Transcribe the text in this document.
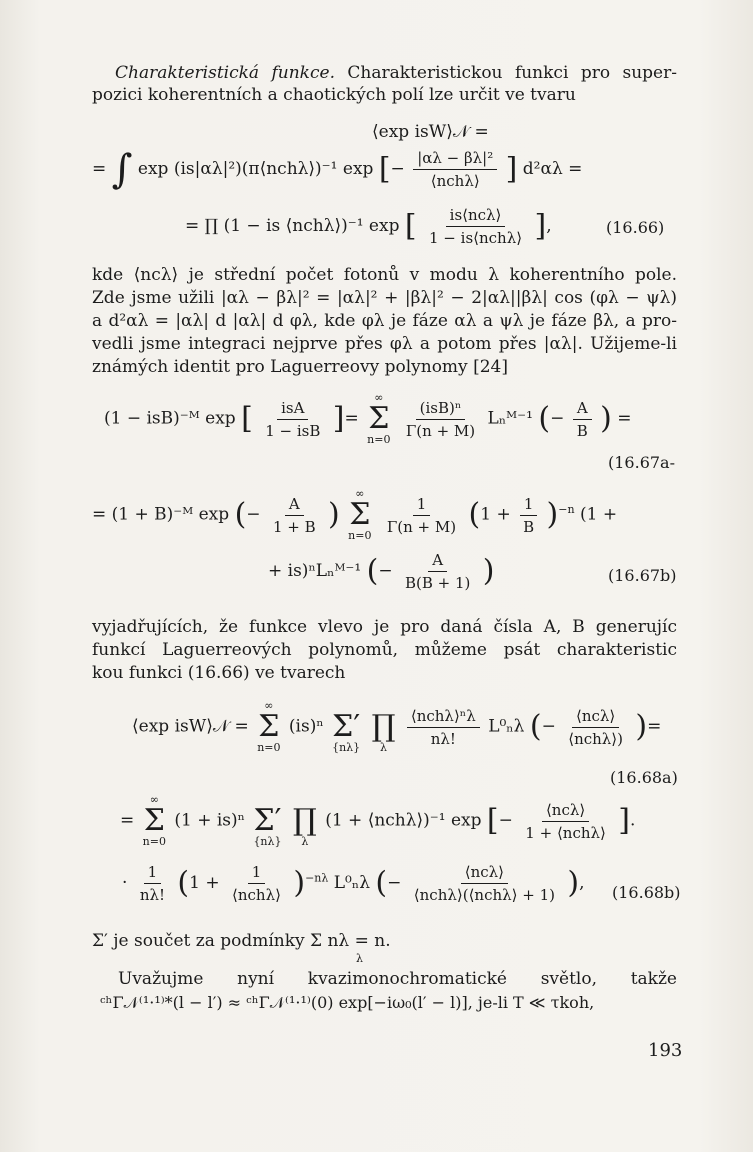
Charakteristická funkce. Charakteristickou funkci pro super-
pozici koherentních a chaotických polí lze určit ve tvaru
⟨exp isW⟩𝒩 =
= ∫ exp (is|αλ|²)(π⟨nchλ⟩)⁻¹ exp [− $\frac{\text{|αλ − βλ|²}}{\text{⟨nchλ⟩}}$ ] d²αλ =
= ∏ (1 − is ⟨nchλ⟩)⁻¹ exp [ $\frac{\text{is⟨ncλ⟩}}{\text{1 − is⟨nchλ⟩}}$ ],	(16.66)
kde ⟨ncλ⟩ je střední počet fotonů v modu λ koherentního pole.
Zde jsme užili |αλ − βλ|² = |αλ|² + |βλ|² − 2|αλ||βλ| cos (φλ − ψλ)
a d²αλ = |αλ| d |αλ| d φλ, kde φλ je fáze αλ a ψλ je fáze βλ, a pro-
vedli jsme integraci nejprve přes φλ a potom přes |αλ|. Užijeme-li
známých identit pro Laguerreovy polynomy [24]
(1 − isB)⁻ᴹ exp [ $\frac{\text{isA}}{\text{1 − isB}}$ ]=
∞
Σ
n=0
$\frac{\text{(isB)ⁿ}}{\Gamma(n + M)}$ Lₙᴹ⁻¹ (− $\frac{A}{B}$ ) =
(16.67a-
= (1 + B)⁻ᴹ exp (− $\frac{A}{1 + B}$ )
∞
Σ
n=0
$\frac{1}{\Gamma(n + M)} (1 + \frac{1}{B} )^{-n}$ (1 +
+ is)ⁿLₙᴹ⁻¹ (− $\frac{A}{B(B + 1)}$ )	(16.67b)
vyjadřujících, že funkce vlevo je pro daná čísla A, B generujíc
funkcí Laguerreových polynomů, můžeme psát charakteristic
kou funkci (16.66) ve tvarech
⟨exp isW⟩𝒩 =
∞
Σ
n=0
(is)ⁿ
Σ′
{nλ}

∏
λ
$\frac{\text{⟨nchλ⟩ⁿλ}}{n\lambda!} L^0_n\lambda$ (− $\frac{\text{⟨ncλ⟩}}{\text{⟨nchλ⟩)}}$ )=
(16.68a)
=
∞
Σ
n=0
(1 + is)ⁿ
Σ′
{nλ}

∏
λ
(1 + ⟨nchλ⟩)⁻¹ exp [− $\frac{\text{⟨ncλ⟩}}{\text{1 + ⟨nchλ⟩}}$ ].
· $\frac{1}{n\lambda!} (1 + \frac{1}{\text{⟨nchλ⟩}} )^{-n\lambda}$ L⁰ₙλ (− $\frac{\text{⟨ncλ⟩}}{\text{⟨nchλ⟩(⟨nchλ⟩ + 1)}}$ ), (16.68b)
Σ′ je součet za podmínky Σ nλ = n.
λ
Uvažujme nyní kvazimonochromatické světlo, takže
ᶜʰΓ𝒩⁽¹·¹⁾*(l − l′) ≈ ᶜʰΓ𝒩⁽¹·¹⁾(0) exp[−iω₀(l′ − l)], je-li T ≪ τkoh,
193
